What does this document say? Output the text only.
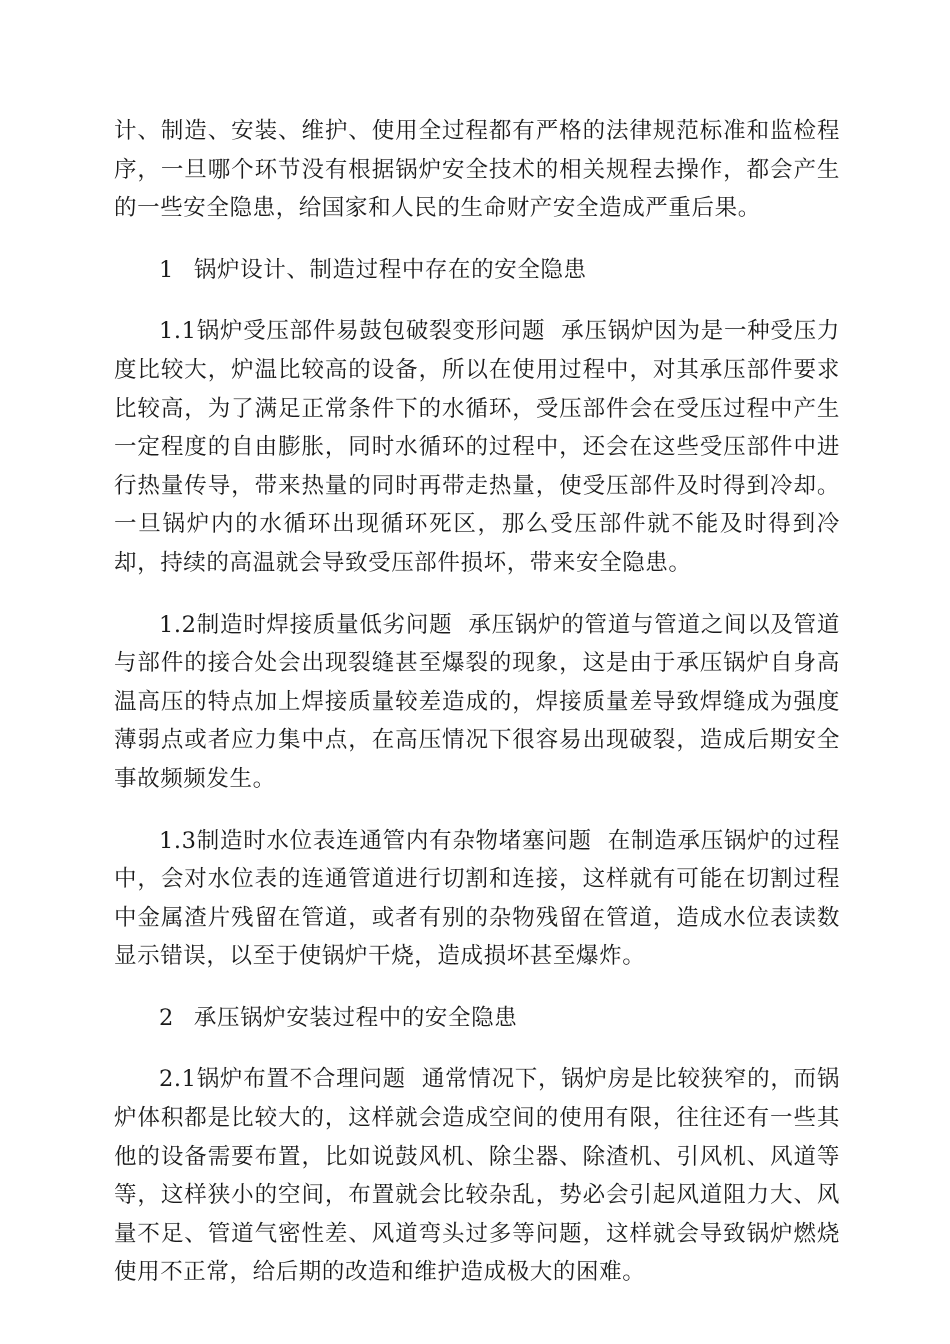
计、制造、安装、维护、使用全过程都有严格的法律规范标准和监检程序，一旦哪个环节没有根据锅炉安全技术的相关规程去操作，都会产生的一些安全隐患，给国家和人民的生命财产安全造成严重后果。

1 锅炉设计、制造过程中存在的安全隐患

1.1锅炉受压部件易鼓包破裂变形问题 承压锅炉因为是一种受压力度比较大，炉温比较高的设备，所以在使用过程中，对其承压部件要求比较高，为了满足正常条件下的水循环，受压部件会在受压过程中产生一定程度的自由膨胀，同时水循环的过程中，还会在这些受压部件中进行热量传导，带来热量的同时再带走热量，使受压部件及时得到冷却。一旦锅炉内的水循环出现循环死区，那么受压部件就不能及时得到冷却，持续的高温就会导致受压部件损坏，带来安全隐患。

1.2制造时焊接质量低劣问题 承压锅炉的管道与管道之间以及管道与部件的接合处会出现裂缝甚至爆裂的现象，这是由于承压锅炉自身高温高压的特点加上焊接质量较差造成的，焊接质量差导致焊缝成为强度薄弱点或者应力集中点，在高压情况下很容易出现破裂，造成后期安全事故频频发生。

1.3制造时水位表连通管内有杂物堵塞问题 在制造承压锅炉的过程中，会对水位表的连通管道进行切割和连接，这样就有可能在切割过程中金属渣片残留在管道，或者有别的杂物残留在管道，造成水位表读数显示错误，以至于使锅炉干烧，造成损坏甚至爆炸。

2 承压锅炉安装过程中的安全隐患

2.1锅炉布置不合理问题 通常情况下，锅炉房是比较狭窄的，而锅炉体积都是比较大的，这样就会造成空间的使用有限，往往还有一些其他的设备需要布置，比如说鼓风机、除尘器、除渣机、引风机、风道等等，这样狭小的空间，布置就会比较杂乱，势必会引起风道阻力大、风量不足、管道气密性差、风道弯头过多等问题，这样就会导致锅炉燃烧使用不正常，给后期的改造和维护造成极大的困难。
